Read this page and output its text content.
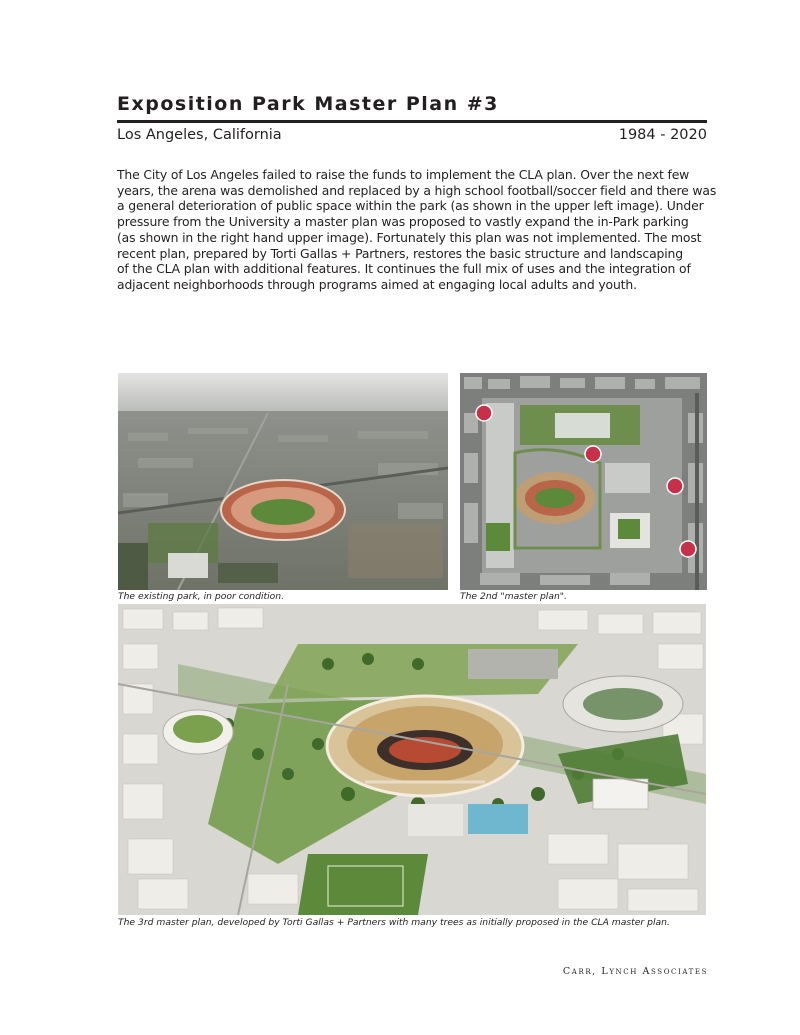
Exposition Park Master Plan #3
Los Angeles, California	1984 - 2020
The City of Los Angeles failed to raise the funds to implement the CLA plan. Over the next few
years, the arena was demolished and replaced by a high school football/soccer field and there was
a general deterioration of public space within the park (as shown in the upper left image). Under
pressure from the University a master plan was proposed to vastly expand the in-Park parking
(as shown in the right hand upper image). Fortunately this plan was not implemented. The most
recent plan, prepared by Torti Gallas + Partners, restores the basic structure and landscaping
of the CLA plan with additional features. It continues the full mix of uses and the integration of
adjacent neighborhoods through programs aimed at engaging local adults and youth.
The existing park, in poor condition.	The 2nd "master plan".
The 3rd master plan, developed by Torti Gallas + Partners with many trees as initially proposed in the CLA master plan.
Carr, Lynch Associates
